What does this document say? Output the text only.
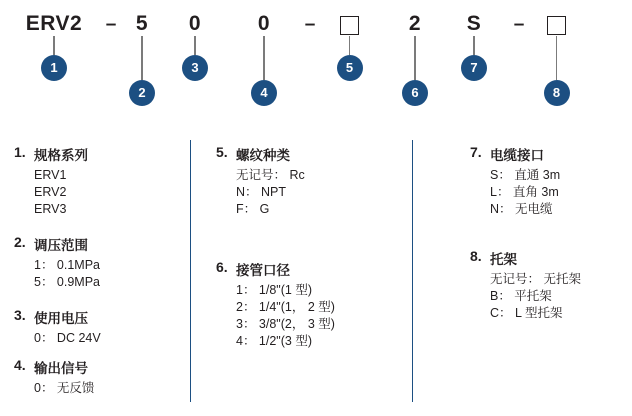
ERV2
1
– 5
2
0
3
0
4
–
5
2
6
S
7
–
8
1. 规格系列
ERV1
ERV2
ERV3
2. 调压范围
1： 0.1MPa
5： 0.9MPa
3. 使用电压
0： DC 24V
4. 输出信号
0： 无反馈
5. 螺纹种类
无记号： Rc
N： NPT
F： G
6. 接管口径
1： 1/8"(1 型)
2： 1/4"(1， 2 型)
3： 3/8"(2， 3 型)
4： 1/2"(3 型)
7. 电缆接口
S： 直通 3m
L： 直角 3m
N： 无电缆
8. 托架
无记号： 无托架
B： 平托架
C： L 型托架
